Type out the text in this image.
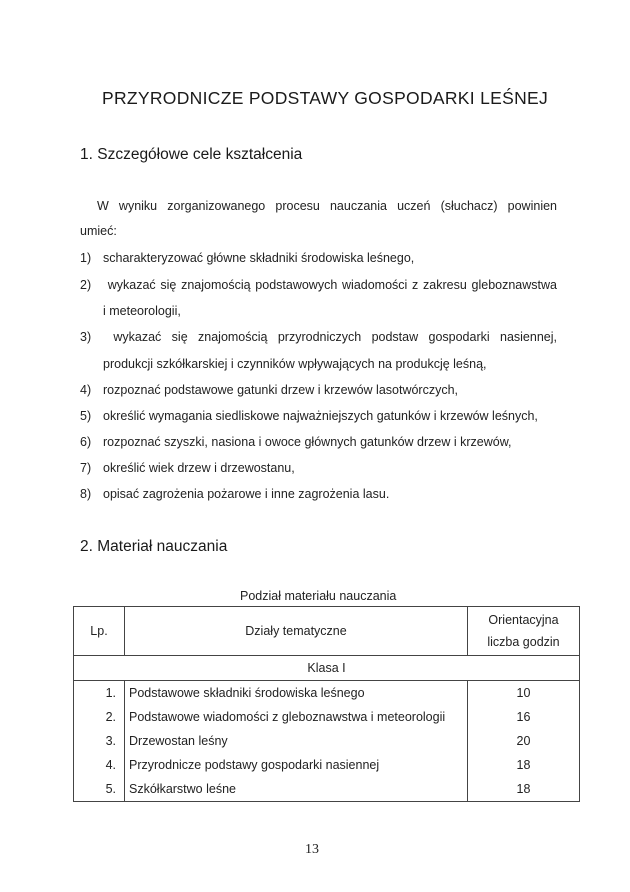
PRZYRODNICZE PODSTAWY GOSPODARKI LEŚNEJ
1. Szczegółowe cele kształcenia
W wyniku zorganizowanego procesu nauczania uczeń (słuchacz) powinien
umieć:
1) scharakteryzować główne składniki środowiska leśnego,
2) wykazać się znajomością podstawowych wiadomości z zakresu gleboznawstwa
i meteorologii,
3) wykazać się znajomością przyrodniczych podstaw gospodarki nasiennej,
produkcji szkółkarskiej i czynników wpływających na produkcję leśną,
4) rozpoznać podstawowe gatunki drzew i krzewów lasotwórczych,
5) określić wymagania siedliskowe najważniejszych gatunków i krzewów leśnych,
6) rozpoznać szyszki, nasiona i owoce głównych gatunków drzew i krzewów,
7) określić wiek drzew i drzewostanu,
8) opisać zagrożenia pożarowe i inne zagrożenia lasu.
2. Materiał nauczania
Podział materiału nauczania
Lp.	Działy tematyczne	Orientacyjna
liczba godzin

Klasa I		
1.	Podstawowe składniki środowiska leśnego	10
2.	Podstawowe wiadomości z gleboznawstwa i meteorologii	16
3.	Drzewostan leśny	20
4.	Przyrodnicze podstawy gospodarki nasiennej	18
5.	Szkółkarstwo leśne	18
13
